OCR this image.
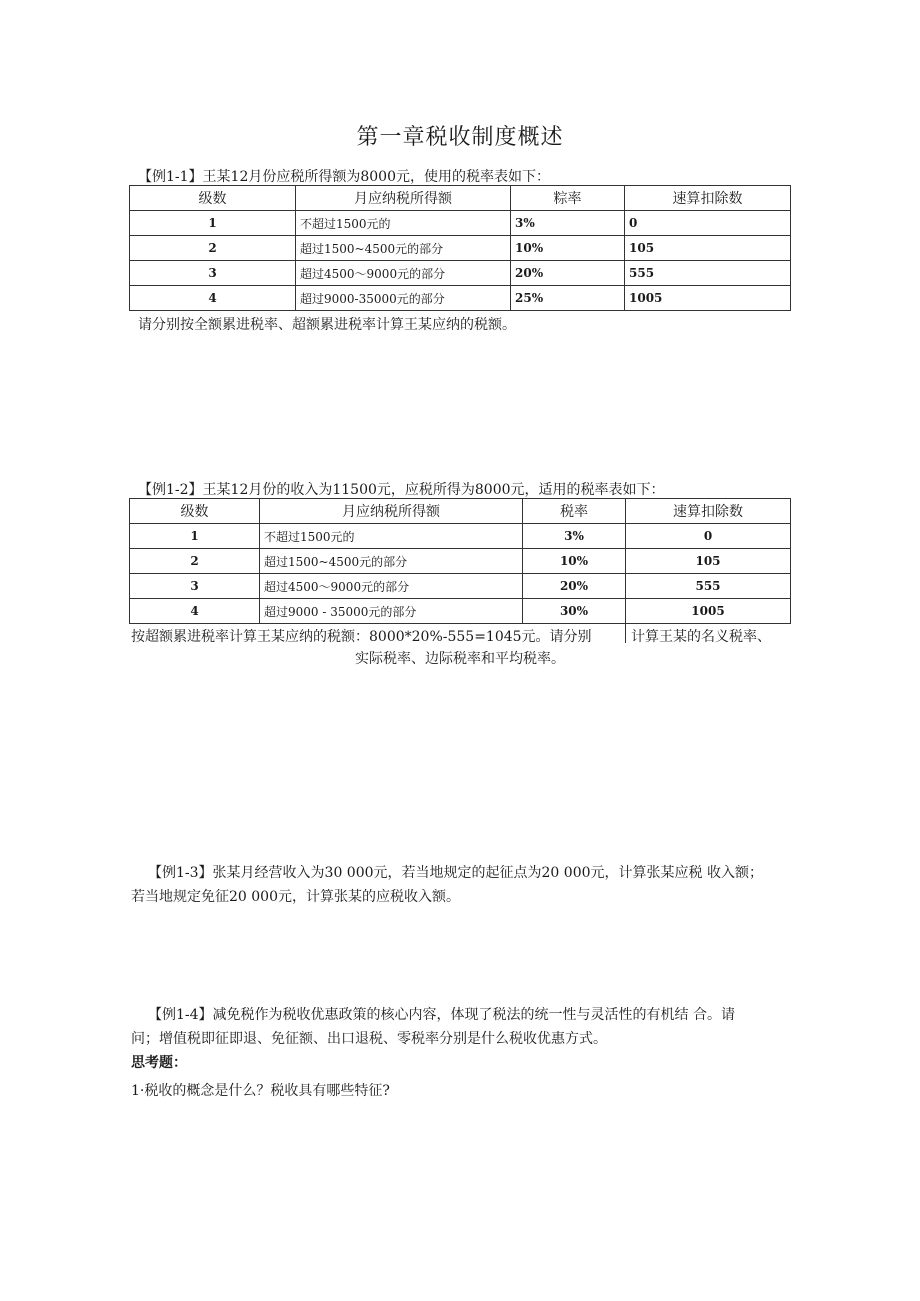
第一章税收制度概述
【例1-1】王某12月份应税所得额为8000元，使用的税率表如下：
级数	月应纳税所得额	粽率	速算扣除数
1	不超过1500元的	3%	0
2	超过1500~4500元的部分	10%	105
3	超过4500～9000元的部分	20%	555
4	超过9000-35000元的部分	25%	1005
请分别按全额累进税率、超额累进税率计算王某应纳的税额。
【例1-2】王某12月份的收入为11500元，应税所得为8000元，适用的税率表如下：
级数	月应纳税所得额	税率	速算扣除数
1	不超过1500元的	3%	0
2	超过1500~4500元的部分	10%	105
3	超过4500～9000元的部分	20%	555
4	超过9000 - 35000元的部分	30%	1005
按超额累进税率计算王某应纳的税额：8000*20%-555=1045元。请分别	计算王某的名义税率、
实际税率、边际税率和平均税率。
【例1-3】张某月经营收入为30 000元，若当地规定的起征点为20 000元，计算张某应税 收入额；
若当地规定免征20 000元，计算张某的应税收入额。
【例1-4】减免税作为税收优惠政策的核心内容，体现了税法的统一性与灵活性的有机结 合。请
问；增值税即征即退、免征额、出口退税、零税率分别是什么税收优惠方式。
思考题：
1·税收的概念是什么？税收具有哪些特征?
